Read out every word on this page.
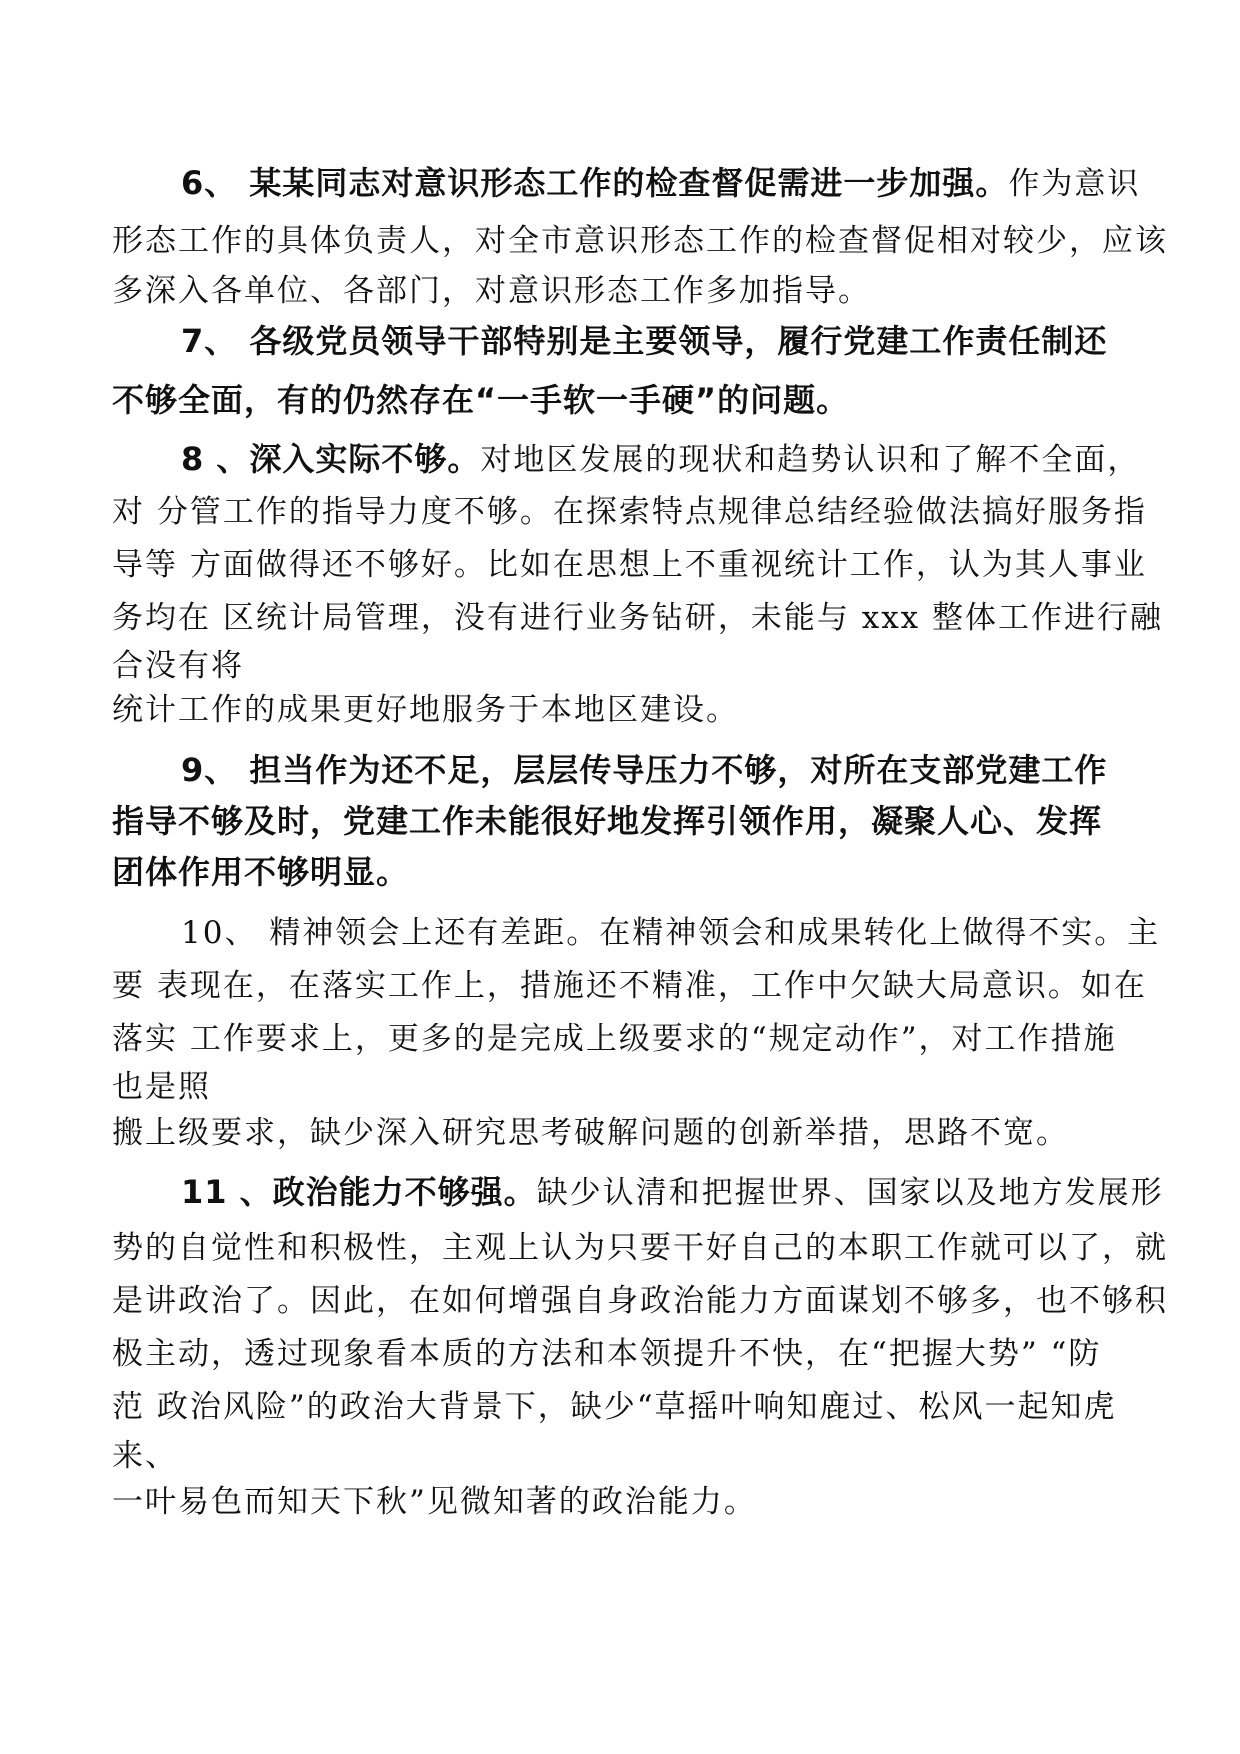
6、 某某同志对意识形态工作的检查督促需进一步加强。作为意识
形态工作的具体负责人，对全市意识形态工作的检查督促相对较少，应该
多深入各单位、各部门，对意识形态工作多加指导。
7、 各级党员领导干部特别是主要领导，履行党建工作责任制还
不够全面，有的仍然存在“一手软一手硬”的问题。
8 、深入实际不够。对地区发展的现状和趋势认识和了解不全面，
对 分管工作的指导力度不够。在探索特点规律总结经验做法搞好服务指
导等 方面做得还不够好。比如在思想上不重视统计工作，认为其人事业
务均在 区统计局管理，没有进行业务钻研，未能与 xxx 整体工作进行融
合没有将
统计工作的成果更好地服务于本地区建设。
9、 担当作为还不足，层层传导压力不够，对所在支部党建工作
指导不够及时，党建工作未能很好地发挥引领作用，凝聚人心、发挥
团体作用不够明显。
10、 精神领会上还有差距。在精神领会和成果转化上做得不实。主
要 表现在，在落实工作上，措施还不精准，工作中欠缺大局意识。如在
落实 工作要求上，更多的是完成上级要求的“规定动作”，对工作措施
也是照
搬上级要求，缺少深入研究思考破解问题的创新举措，思路不宽。
11 、政治能力不够强。缺少认清和把握世界、国家以及地方发展形
势的自觉性和积极性，主观上认为只要干好自己的本职工作就可以了，就
是讲政治了。因此，在如何增强自身政治能力方面谋划不够多，也不够积
极主动，透过现象看本质的方法和本领提升不快，在“把握大势” “防
范 政治风险”的政治大背景下，缺少“草摇叶响知鹿过、松风一起知虎
来、
一叶易色而知天下秋”见微知著的政治能力。
